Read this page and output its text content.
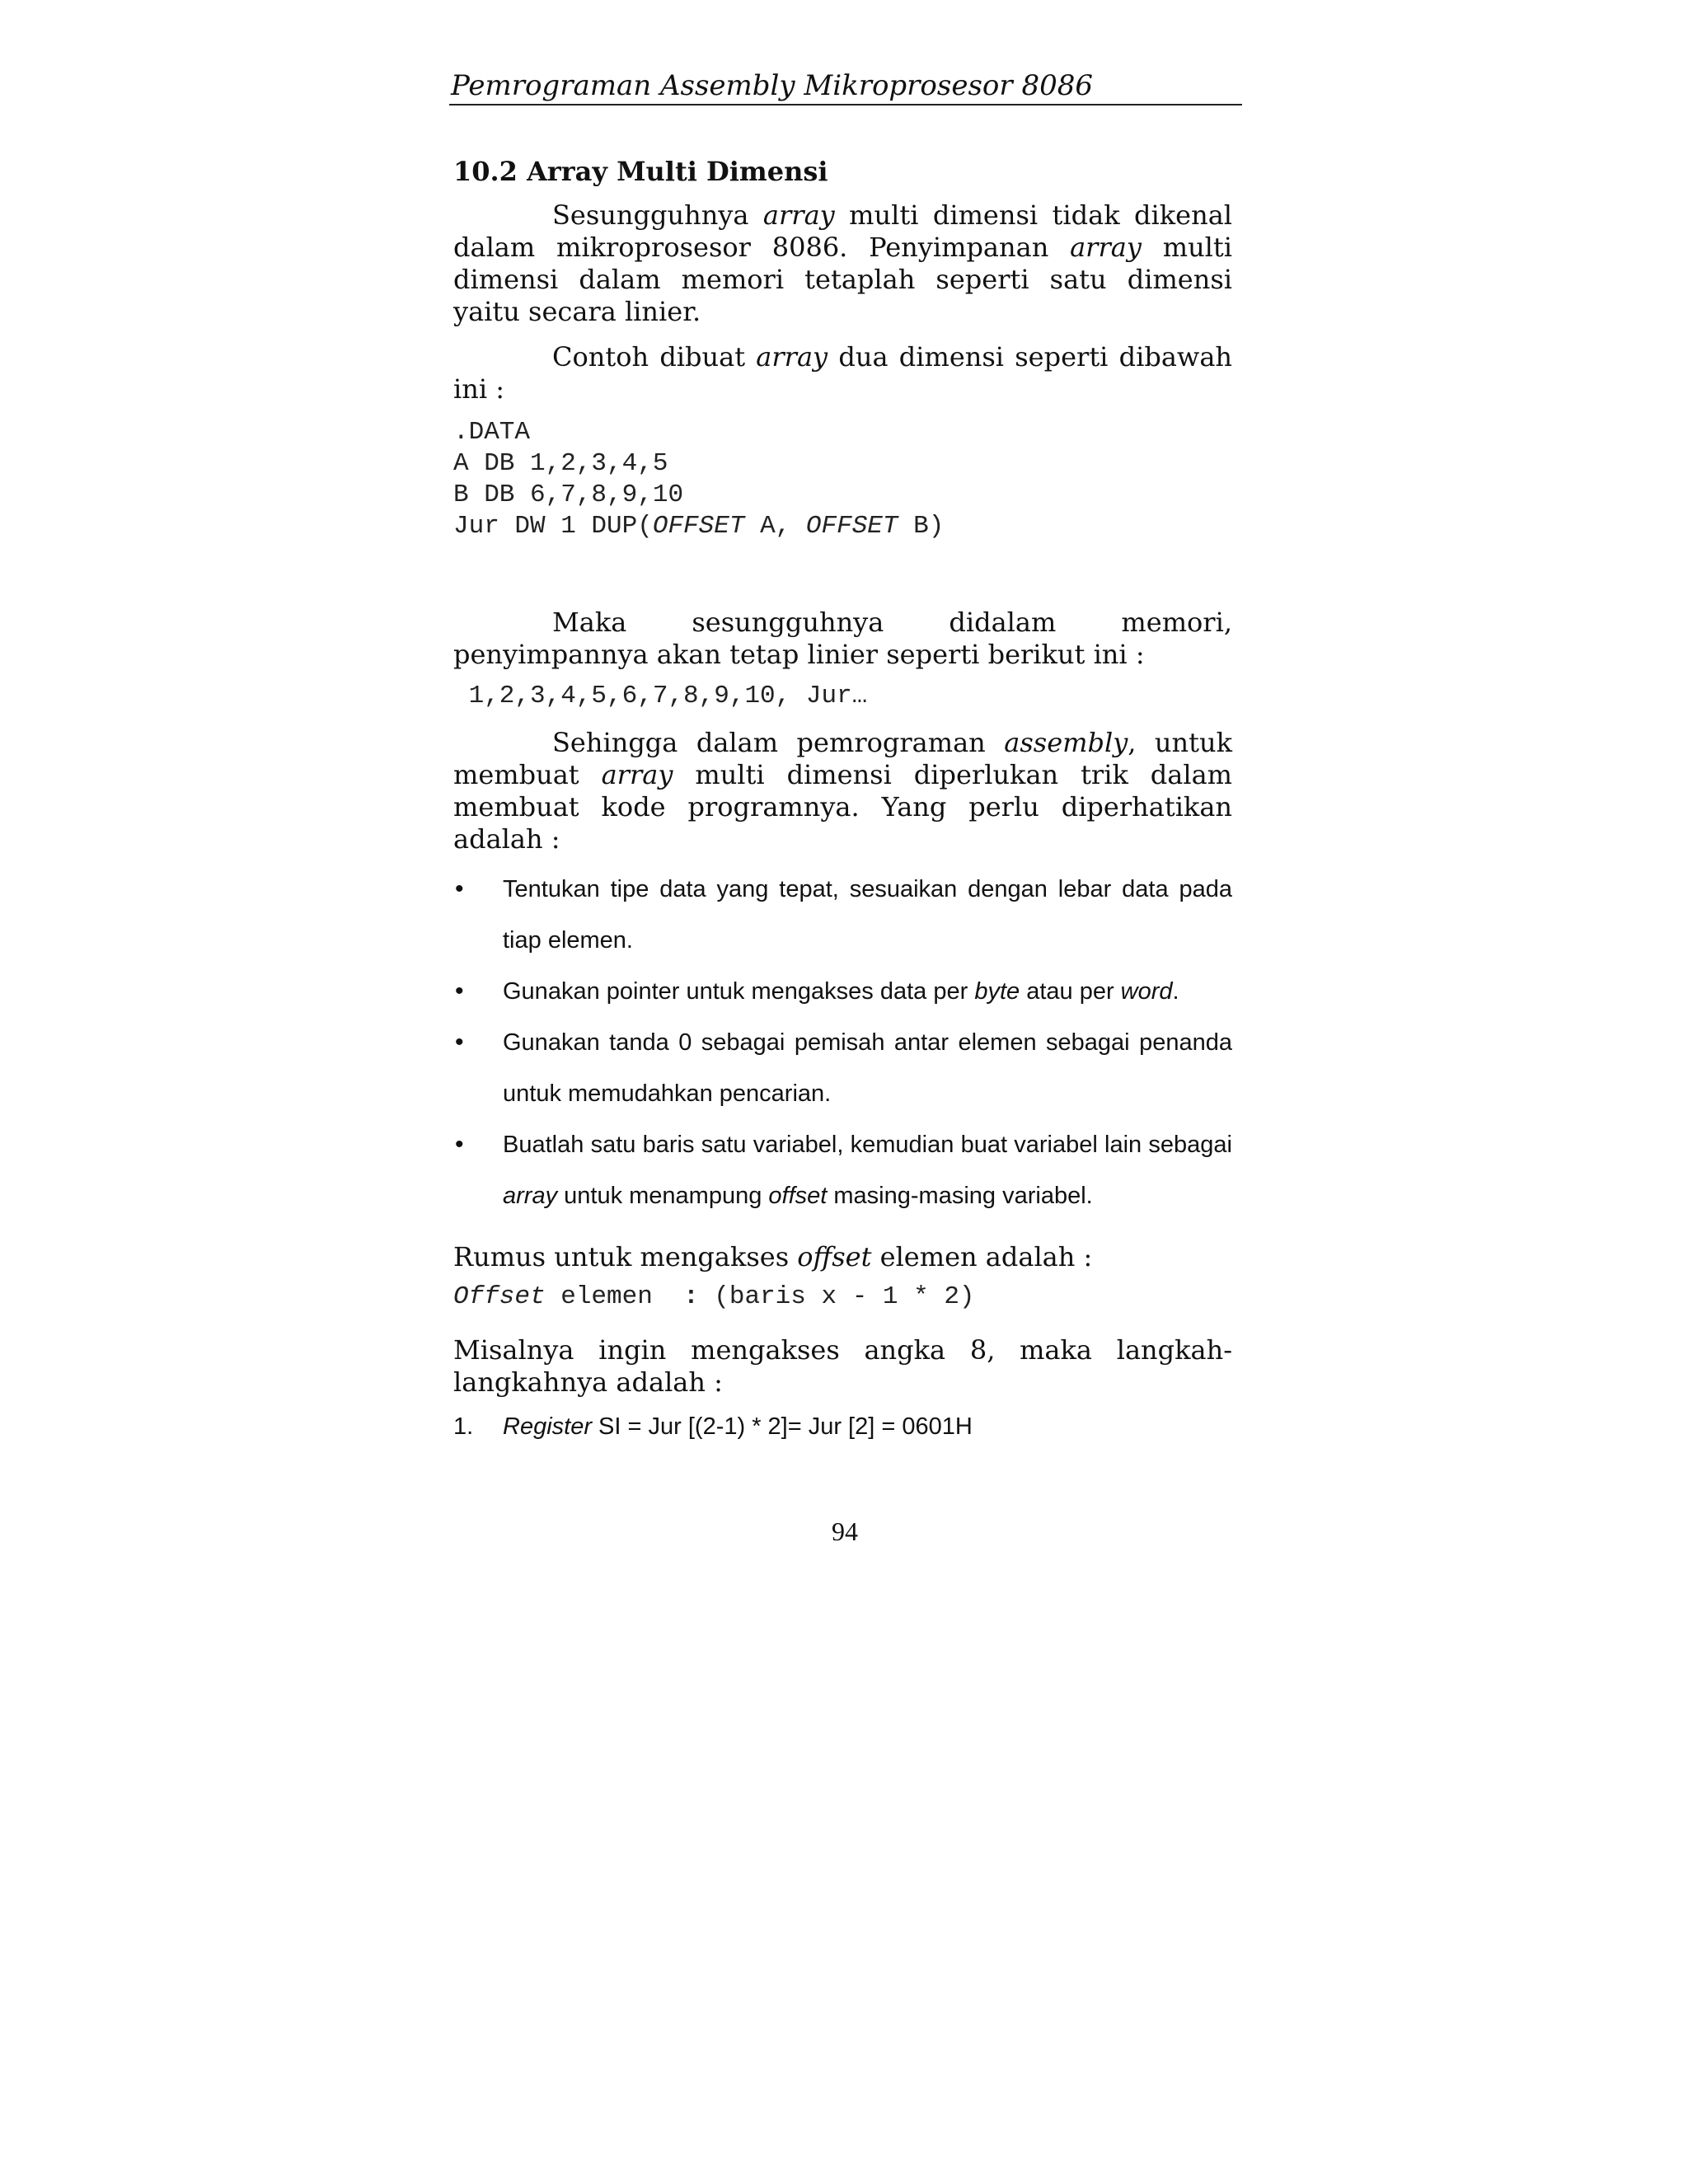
Pemrograman Assembly Mikroprosesor 8086
10.2 Array Multi Dimensi

Sesungguhnya array multi dimensi tidak dikenal dalam mikroprosesor 8086. Penyimpanan array multi dimensi dalam memori tetaplah seperti satu dimensi yaitu secara linier.

Contoh dibuat array dua dimensi seperti dibawah ini :

.DATA
A DB 1,2,3,4,5
B DB 6,7,8,9,10
Jur DW 1 DUP(OFFSET A, OFFSET B)

Maka sesungguhnya didalam memori, penyimpannya akan tetap linier seperti berikut ini :

1,2,3,4,5,6,7,8,9,10, Jur…

Sehingga dalam pemrograman assembly, untuk membuat array multi dimensi diperlukan trik dalam membuat kode programnya. Yang perlu diperhatikan adalah :

• Tentukan tipe data yang tepat, sesuaikan dengan lebar data pada tiap elemen.
• Gunakan pointer untuk mengakses data per byte atau per word.
• Gunakan tanda 0 sebagai pemisah antar elemen sebagai penanda untuk memudahkan pencarian.
• Buatlah satu baris satu variabel, kemudian buat variabel lain sebagai array untuk menampung offset masing-masing variabel.

Rumus untuk mengakses offset elemen adalah :

Offset elemen  : (baris x - 1 * 2)

Misalnya ingin mengakses angka 8, maka langkah-langkahnya adalah :

1. Register SI = Jur [(2-1) * 2]= Jur [2] = 0601H
94
